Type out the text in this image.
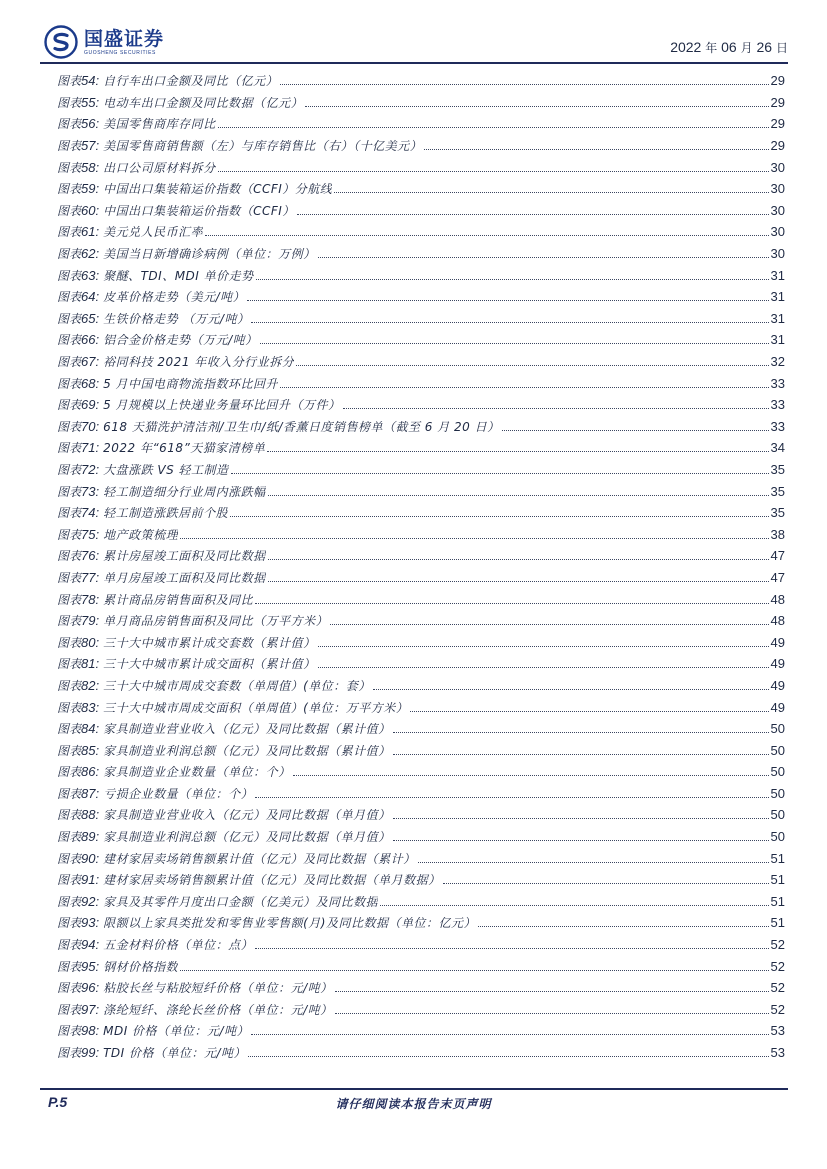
国盛证券
GUOSHENG SECURITIES	2022 年 06 月 26 日
图表54: 自行车出口金额及同比（亿元）	29
图表55: 电动车出口金额及同比数据（亿元）	29
图表56: 美国零售商库存同比	29
图表57: 美国零售商销售额（左）与库存销售比（右）（十亿美元）	29
图表58: 出口公司原材料拆分	30
图表59: 中国出口集装箱运价指数（CCFI）分航线	30
图表60: 中国出口集装箱运价指数（CCFI）	30
图表61: 美元兑人民币汇率	30
图表62: 美国当日新增确诊病例（单位：万例）	30
图表63: 聚醚、TDI、MDI 单价走势	31
图表64: 皮革价格走势（美元/吨）	31
图表65: 生铁价格走势 （万元/吨）	31
图表66: 铝合金价格走势（万元/吨）	31
图表67: 裕同科技 2021 年收入分行业拆分	32
图表68: 5 月中国电商物流指数环比回升	33
图表69: 5 月规模以上快递业务量环比回升（万件）	33
图表70: 618 天猫洗护清洁剂/卫生巾/纸/香薰日度销售榜单（截至 6 月 20 日）	33
图表71: 2022 年“618”天猫家清榜单	34
图表72: 大盘涨跌 VS 轻工制造	35
图表73: 轻工制造细分行业周内涨跌幅	35
图表74: 轻工制造涨跌居前个股	35
图表75: 地产政策梳理	38
图表76: 累计房屋竣工面积及同比数据	47
图表77: 单月房屋竣工面积及同比数据	47
图表78: 累计商品房销售面积及同比	48
图表79: 单月商品房销售面积及同比（万平方米）	48
图表80: 三十大中城市累计成交套数（累计值）	49
图表81: 三十大中城市累计成交面积（累计值）	49
图表82: 三十大中城市周成交套数（单周值）(单位：套）	49
图表83: 三十大中城市周成交面积（单周值）(单位：万平方米）	49
图表84: 家具制造业营业收入（亿元）及同比数据（累计值）	50
图表85: 家具制造业利润总额（亿元）及同比数据（累计值）	50
图表86: 家具制造业企业数量（单位：个）	50
图表87: 亏损企业数量（单位：个）	50
图表88: 家具制造业营业收入（亿元）及同比数据（单月值）	50
图表89: 家具制造业利润总额（亿元）及同比数据（单月值）	50
图表90: 建材家居卖场销售额累计值（亿元）及同比数据（累计）	51
图表91: 建材家居卖场销售额累计值（亿元）及同比数据（单月数据）	51
图表92: 家具及其零件月度出口金额（亿美元）及同比数据	51
图表93: 限额以上家具类批发和零售业零售额(月)及同比数据（单位：亿元）	51
图表94: 五金材料价格（单位：点）	52
图表95: 钢材价格指数	52
图表96: 粘胶长丝与粘胶短纤价格（单位：元/吨）	52
图表97: 涤纶短纤、涤纶长丝价格（单位：元/吨）	52
图表98: MDI 价格（单位：元/吨）	53
图表99: TDI 价格（单位：元/吨）	53
P.5	请仔细阅读本报告末页声明
